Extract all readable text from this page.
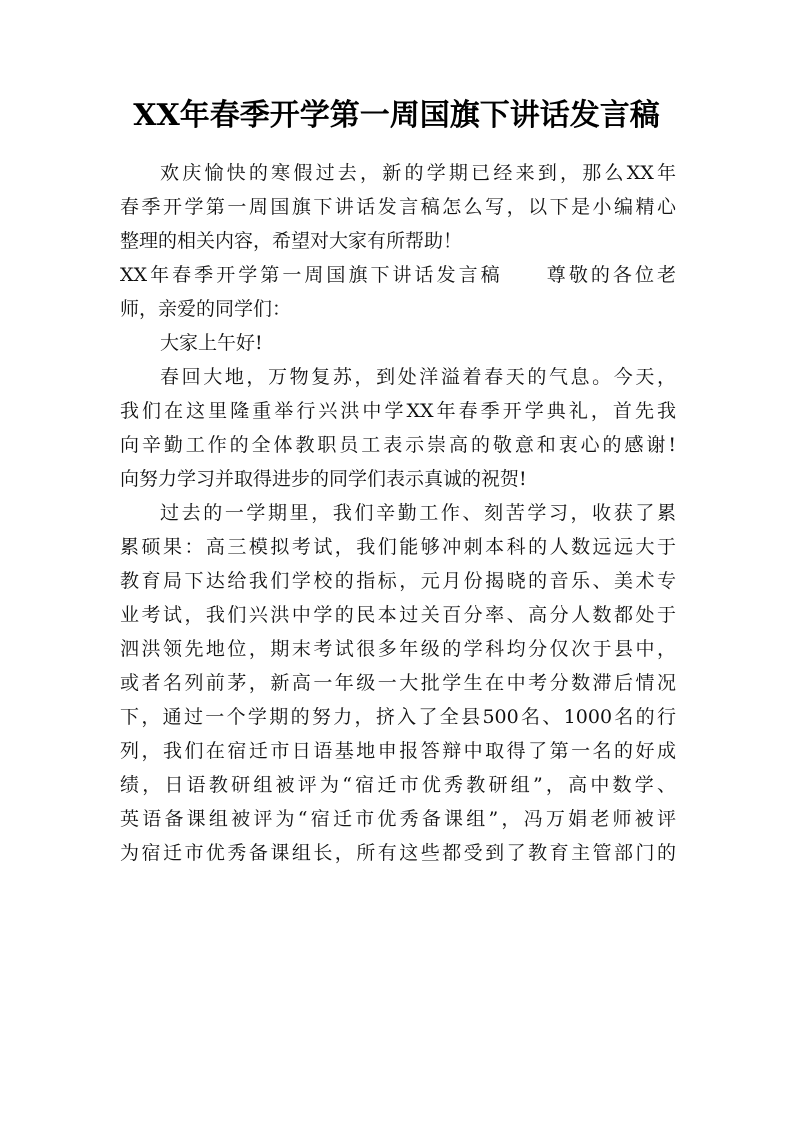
XX年春季开学第一周国旗下讲话发言稿
欢庆愉快的寒假过去，新的学期已经来到，那么XX年
春季开学第一周国旗下讲话发言稿怎么写，以下是小编精心
整理的相关内容，希望对大家有所帮助！
XX年春季开学第一周国旗下讲话发言稿　　尊敬的各位老
师，亲爱的同学们：
大家上午好!
春回大地，万物复苏，到处洋溢着春天的气息。今天，
我们在这里隆重举行兴洪中学XX年春季开学典礼，首先我
向辛勤工作的全体教职员工表示崇高的敬意和衷心的感谢!
向努力学习并取得进步的同学们表示真诚的祝贺!
过去的一学期里，我们辛勤工作、刻苦学习，收获了累
累硕果：高三模拟考试，我们能够冲刺本科的人数远远大于
教育局下达给我们学校的指标，元月份揭晓的音乐、美术专
业考试，我们兴洪中学的民本过关百分率、高分人数都处于
泗洪领先地位，期末考试很多年级的学科均分仅次于县中，
或者名列前茅，新高一年级一大批学生在中考分数滞后情况
下，通过一个学期的努力，挤入了全县500名、1000名的行
列，我们在宿迁市日语基地申报答辩中取得了第一名的好成
绩，日语教研组被评为“宿迁市优秀教研组”，高中数学、
英语备课组被评为“宿迁市优秀备课组”，冯万娟老师被评
为宿迁市优秀备课组长，所有这些都受到了教育主管部门的
